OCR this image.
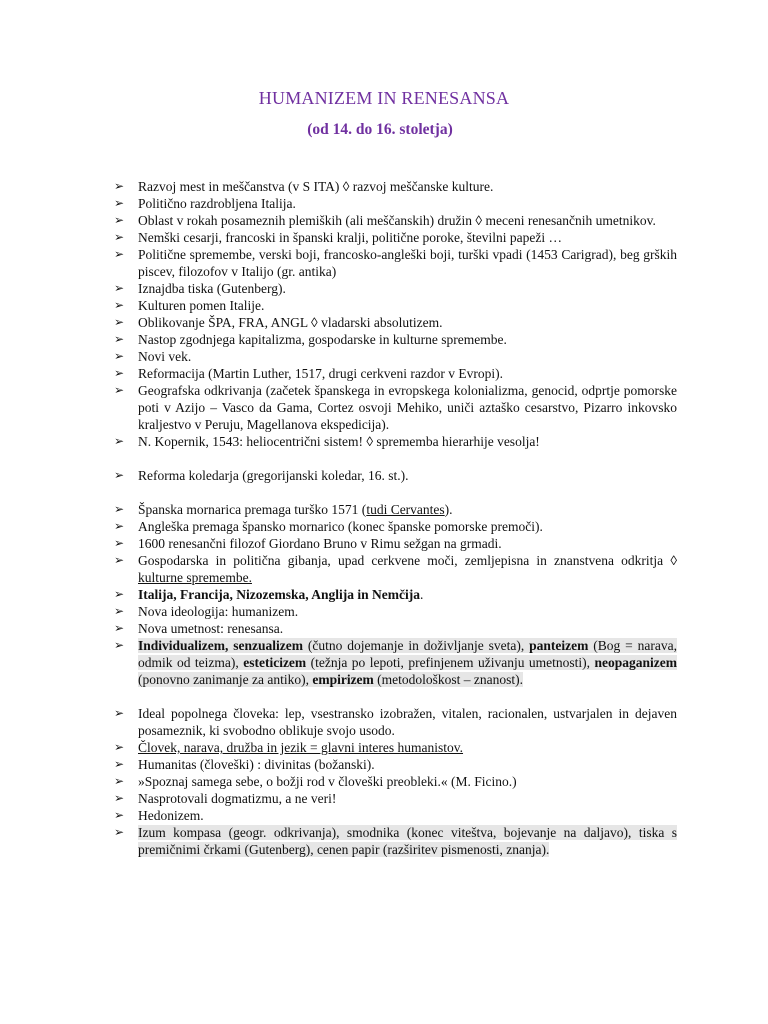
HUMANIZEM IN RENESANSA
(od 14. do 16. stoletja)
➢ Razvoj mest in meščanstva (v S ITA) ◊ razvoj meščanske kulture.
➢ Politično razdrobljena Italija.
➢ Oblast v rokah posameznih plemiških (ali meščanskih) družin ◊ meceni renesančnih umetnikov.
➢ Nemški cesarji, francoski in španski kralji, politične poroke, številni papeži …
➢ Politične spremembe, verski boji, francosko-angleški boji, turški vpadi (1453 Carigrad), beg grških piscev, filozofov v Italijo (gr. antika)
➢ Iznajdba tiska (Gutenberg).
➢ Kulturen pomen Italije.
➢ Oblikovanje ŠPA, FRA, ANGL ◊ vladarski absolutizem.
➢ Nastop zgodnjega kapitalizma, gospodarske in kulturne spremembe.
➢ Novi vek.
➢ Reformacija (Martin Luther, 1517, drugi cerkveni razdor v Evropi).
➢ Geografska odkrivanja (začetek španskega in evropskega kolonializma, genocid, odprtje pomorske poti v Azijo – Vasco da Gama, Cortez osvoji Mehiko, uniči aztaško cesarstvo, Pizarro inkovsko kraljestvo v Peruju, Magellanova ekspedicija).
➢ N. Kopernik, 1543: heliocentrični sistem! ◊ sprememba hierarhije vesolja!
➢ Reforma koledarja (gregorijanski koledar, 16. st.).
➢ Španska mornarica premaga turško 1571 (tudi Cervantes).
➢ Angleška premaga špansko mornarico (konec španske pomorske premoči).
➢ 1600 renesančni filozof Giordano Bruno v Rimu sežgan na grmadi.
➢ Gospodarska in politična gibanja, upad cerkvene moči, zemljepisna in znanstvena odkritja ◊ kulturne spremembe.
➢ Italija, Francija, Nizozemska, Anglija in Nemčija.
➢ Nova ideologija: humanizem.
➢ Nova umetnost: renesansa.
➢ Individualizem, senzualizem (čutno dojemanje in doživljanje sveta), panteizem (Bog = narava, odmik od teizma), esteticizem (težnja po lepoti, prefinjenem uživanju umetnosti), neopaganizem (ponovno zanimanje za antiko), empirizem (metodološkost – znanost).
➢ Ideal popolnega človeka: lep, vsestransko izobražen, vitalen, racionalen, ustvarjalen in dejaven posameznik, ki svobodno oblikuje svojo usodo.
➢ Človek, narava, družba in jezik = glavni interes humanistov.
➢ Humanitas (človeški) : divinitas (božanski).
➢ »Spoznaj samega sebe, o božji rod v človeški preobleki.« (M. Ficino.)
➢ Nasprotovali dogmatizmu, a ne veri!
➢ Hedonizem.
➢ Izum kompasa (geogr. odkrivanja), smodnika (konec viteštva, bojevanje na daljavo), tiska s premičnimi črkami (Gutenberg), cenen papir (razširitev pismenosti, znanja).
